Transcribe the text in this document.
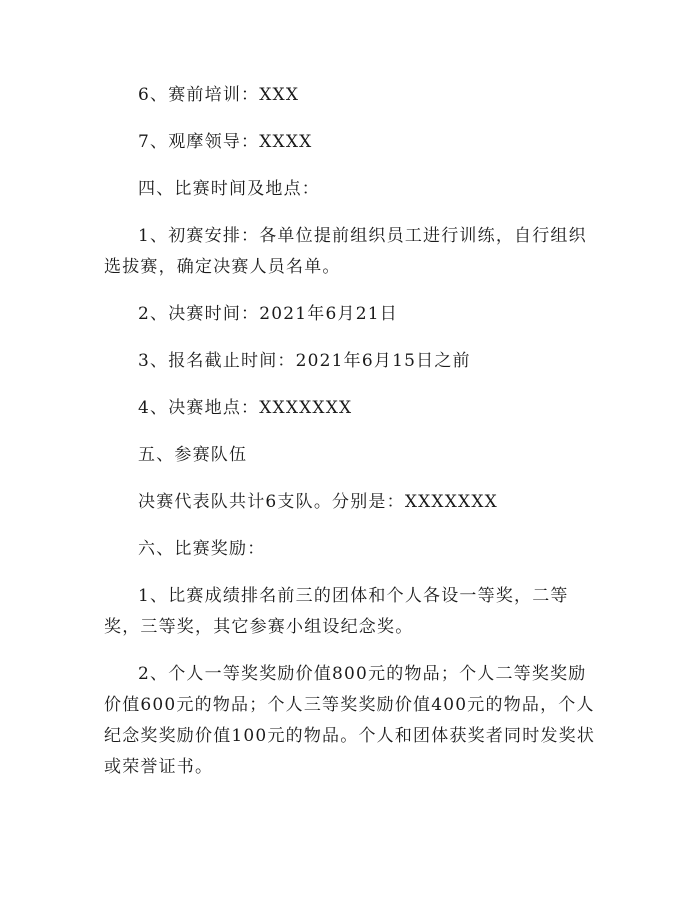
6、赛前培训：XXX

7、观摩领导：XXXX

四、比赛时间及地点：

1、初赛安排：各单位提前组织员工进行训练，自行组织选拔赛，确定决赛人员名单。

2、决赛时间：2021年6月21日

3、报名截止时间：2021年6月15日之前

4、决赛地点：XXXXXXX

五、参赛队伍

决赛代表队共计6支队。分别是：XXXXXXX

六、比赛奖励：

1、比赛成绩排名前三的团体和个人各设一等奖，二等奖，三等奖，其它参赛小组设纪念奖。

2、个人一等奖奖励价值800元的物品；个人二等奖奖励价值600元的物品；个人三等奖奖励价值400元的物品，个人纪念奖奖励价值100元的物品。个人和团体获奖者同时发奖状或荣誉证书。
